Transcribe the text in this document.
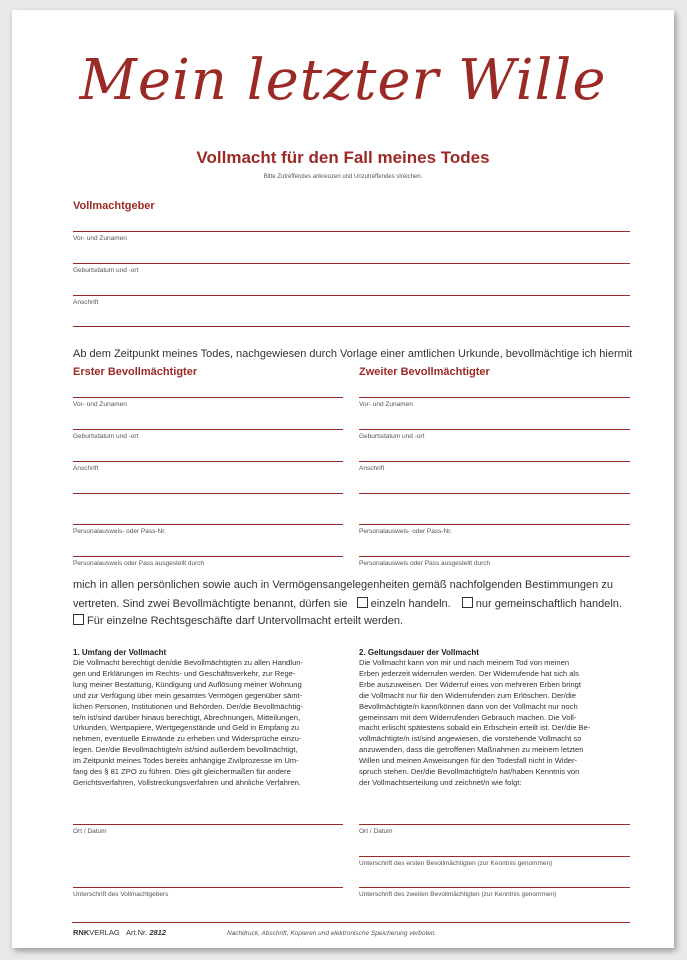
Mein letzter Wille
Vollmacht für den Fall meines Todes
Bitte Zutreffendes ankreuzen und Unzutreffendes streichen.
Vollmachtgeber
Vor- und Zunamen
Geburtsdatum und -ort
Anschrift
Ab dem Zeitpunkt meines Todes, nachgewiesen durch Vorlage einer amtlichen Urkunde, bevollmächtige ich hiermit
Erster Bevollmächtigter
Vor- und Zunamen
Geburtsdatum und -ort
Anschrift
Personalausweis- oder Pass-Nr.
Personalausweis oder Pass ausgestellt durch
Zweiter Bevollmächtigter
Vor- und Zunamen
Geburtsdatum und -ort
Anschrift
Personalausweis- oder Pass-Nr.
Personalausweis oder Pass ausgestellt durch
mich in allen persönlichen sowie auch in Vermögensangelegenheiten gemäß nachfolgenden Bestimmungen zu
vertreten. Sind zwei Bevollmächtigte benannt, dürfen sie einzeln handeln. nur gemeinschaftlich handeln.
Für einzelne Rechtsgeschäfte darf Untervollmacht erteilt werden.
1. Umfang der Vollmacht
Die Vollmacht berechtigt den/die Bevollmächtigten zu allen Handlun-
gen und Erklärungen im Rechts- und Geschäftsverkehr, zur Rege-
lung meiner Bestattung, Kündigung und Auflösung meiner Wohnung
und zur Verfügung über mein gesamtes Vermögen gegenüber sämt-
lichen Personen, Institutionen und Behörden. Der/die Bevollmächtig-
te/n ist/sind darüber hinaus berechtigt, Abrechnungen, Mitteilungen,
Urkunden, Wertpapiere, Wertgegenstände und Geld in Empfang zu
nehmen, eventuelle Einwände zu erheben und Widersprüche einzu-
legen. Der/die Bevollmächtigte/n ist/sind außerdem bevollmächtigt,
im Zeitpunkt meines Todes bereits anhängige Zivilprozesse im Um-
fang des § 81 ZPO zu führen. Dies gilt gleichermaßen für andere
Gerichtsverfahren, Vollstreckungsverfahren und ähnliche Verfahren.
2. Geltungsdauer der Vollmacht
Die Vollmacht kann von mir und nach meinem Tod von meinen
Erben jederzeit widerrufen werden. Der Widerrufende hat sich als
Erbe auszuweisen. Der Widerruf eines von mehreren Erben bringt
die Vollmacht nur für den Widerrufenden zum Erlöschen. Der/die
Bevollmächtigte/n kann/können dann von der Vollmacht nur noch
gemeinsam mit dem Widerrufenden Gebrauch machen. Die Voll-
macht erlischt spätestens sobald ein Erbschein erteilt ist. Der/die Be-
vollmächtigte/n ist/sind angewiesen, die vorstehende Vollmacht so
anzuwenden, dass die getroffenen Maßnahmen zu meinem letzten
Willen und meinen Anweisungen für den Todesfall nicht in Wider-
spruch stehen. Der/die Bevollmächtigte/n hat/haben Kenntnis von
der Vollmachtserteilung und zeichnet/n wie folgt:
Ort / Datum
Unterschrift des Vollmachtgebers
Ort / Datum
Unterschrift des ersten Bevollmächtigten (zur Kenntnis genommen)
Unterschrift des zweiten Bevollmächtigten (zur Kenntnis genommen)
RNKVERLAG Art.Nr. 2812	Nachdruck, Abschrift, Kopieren und elektronische Speicherung verboten.
